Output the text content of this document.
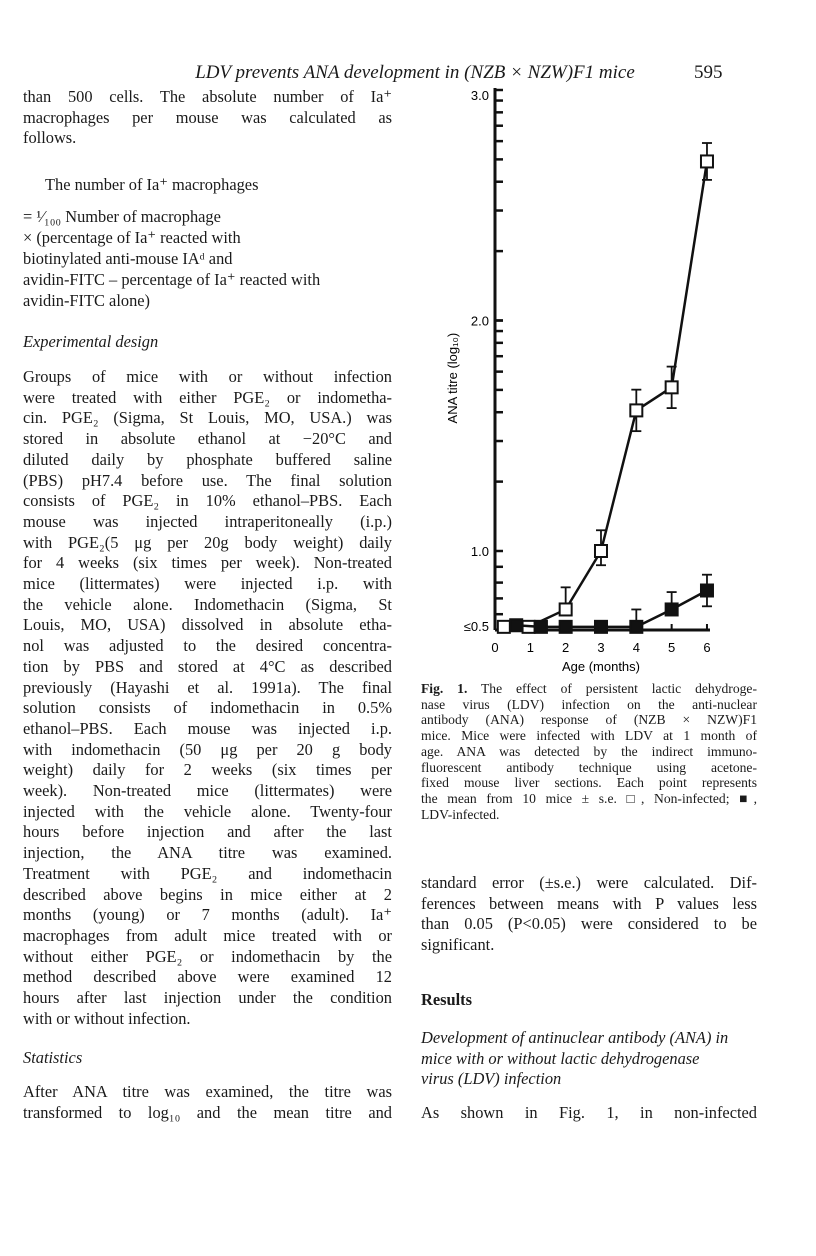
LDV prevents ANA development in (NZB × NZW)F1 mice	595
than 500 cells. The absolute number of Ia⁺
macrophages per mouse was calculated as
follows.
The number of Ia⁺ macrophages
= ¹⁄₁₀₀ Number of macrophage
× (percentage of Ia⁺ reacted with
biotinylated anti-mouse IAᵈ and
avidin-FITC – percentage of Ia⁺ reacted with
avidin-FITC alone)
Experimental design
Groups of mice with or without infection
were treated with either PGE₂ or indometha-
cin. PGE₂ (Sigma, St Louis, MO, USA.) was
stored in absolute ethanol at −20°C and
diluted daily by phosphate buffered saline
(PBS) pH7.4 before use. The final solution
consists of PGE₂ in 10% ethanol–PBS. Each
mouse was injected intraperitoneally (i.p.)
with PGE₂(5 μg per 20g body weight) daily
for 4 weeks (six times per week). Non-treated
mice (littermates) were injected i.p. with
the vehicle alone. Indomethacin (Sigma, St
Louis, MO, USA) dissolved in absolute etha-
nol was adjusted to the desired concentra-
tion by PBS and stored at 4°C as described
previously (Hayashi et al. 1991a). The final
solution consists of indomethacin in 0.5%
ethanol–PBS. Each mouse was injected i.p.
with indomethacin (50 μg per 20 g body
weight) daily for 2 weeks (six times per
week). Non-treated mice (littermates) were
injected with the vehicle alone. Twenty-four
hours before injection and after the last
injection, the ANA titre was examined.
Treatment with PGE₂ and indomethacin
described above begins in mice either at 2
months (young) or 7 months (adult). Ia⁺
macrophages from adult mice treated with or
without either PGE₂ or indomethacin by the
method described above were examined 12
hours after last injection under the condition
with or without infection.
Statistics
After ANA titre was examined, the titre was
transformed to log₁₀ and the mean titre and
≤0.5
1.0
2.0
3.0
0 1 2 3 4 5 6
Age (months)
ANA titre (log₁₀)
Fig. 1. The effect of persistent lactic dehydroge-
nase virus (LDV) infection on the anti-nuclear
antibody (ANA) response of (NZB × NZW)F1
mice. Mice were infected with LDV at 1 month of
age. ANA was detected by the indirect immuno-
fluorescent antibody technique using acetone-
fixed mouse liver sections. Each point represents
the mean from 10 mice ± s.e. □, Non-infected; ■,
LDV-infected.
standard error (±s.e.) were calculated. Dif-
ferences between means with P values less
than 0.05 (P<0.05) were considered to be
significant.
Results
Development of antinuclear antibody (ANA) in
mice with or without lactic dehydrogenase
virus (LDV) infection
As shown in Fig. 1, in non-infected
